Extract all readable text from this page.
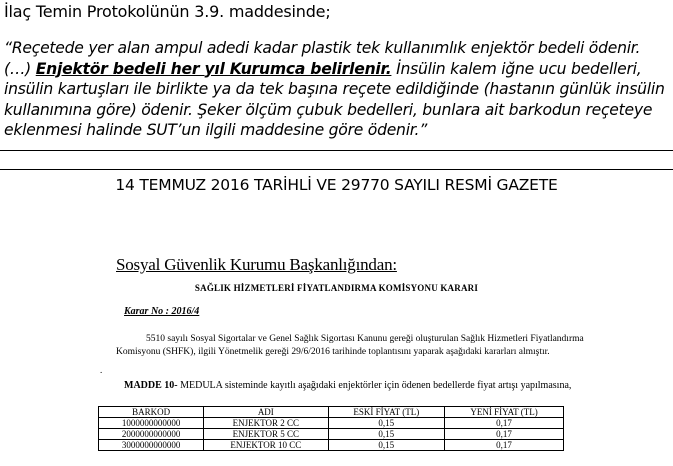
İlaç Temin Protokolünün 3.9. maddesinde;
“Reçetede yer alan ampul adedi kadar plastik tek kullanımlık enjektör bedeli ödenir. (…) Enjektör bedeli her yıl Kurumca belirlenir. İnsülin kalem iğne ucu bedelleri, insülin kartuşları ile birlikte ya da tek başına reçete edildiğinde (hastanın günlük insülin kullanımına göre) ödenir. Şeker ölçüm çubuk bedelleri, bunlara ait barkodun reçeteye eklenmesi halinde SUT’un ilgili maddesine göre ödenir.”
14 TEMMUZ 2016 TARİHLİ VE 29770 SAYILI RESMİ GAZETE
Sosyal Güvenlik Kurumu Başkanlığından:
SAĞLIK HİZMETLERİ FİYATLANDIRMA KOMİSYONU KARARI
Karar No : 2016/4
5510 sayılı Sosyal Sigortalar ve Genel Sağlık Sigortası Kanunu gereği oluşturulan Sağlık Hizmetleri Fiyatlandırma Komisyonu (SHFK), ilgili Yönetmelik gereği 29/6/2016 tarihinde toplantısını yaparak aşağıdaki kararları almıştır.
.
MADDE 10- MEDULA sisteminde kayıtlı aşağıdaki enjektörler için ödenen bedellerde fiyat artışı yapılmasına,
BARKOD	ADI	ESKİ FİYAT (TL)	YENİ FİYAT (TL)
1000000000000	ENJEKTOR 2 CC	0,15	0,17
2000000000000	ENJEKTOR 5 CC	0,15	0,17
3000000000000	ENJEKTOR 10 CC	0,15	0,17
